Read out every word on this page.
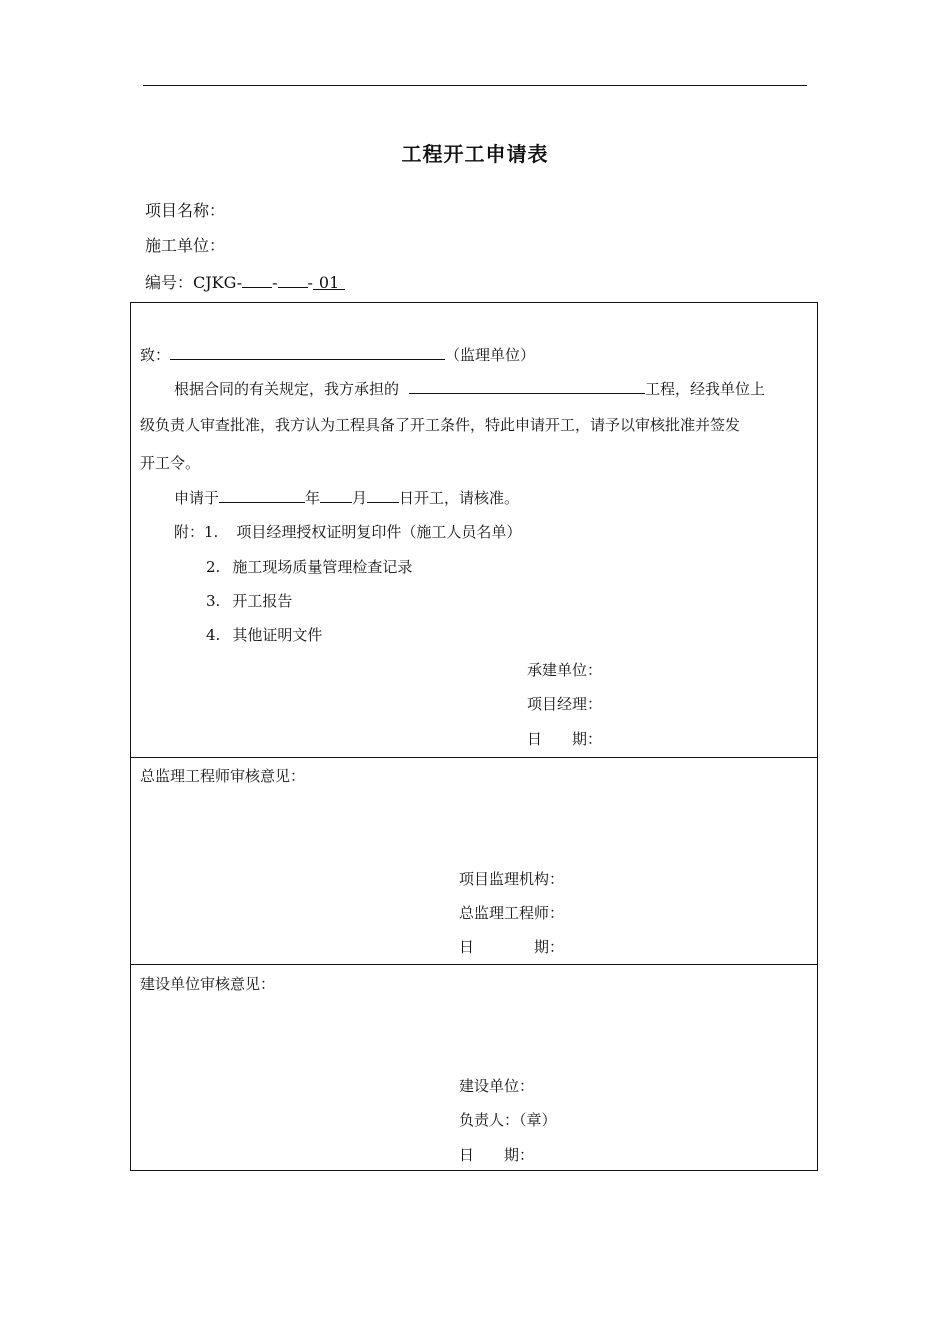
工程开工申请表
项目名称：
施工单位：
编号：CJKG- - - 01
致：	（监理单位）
根据合同的有关规定，我方承担的	工程，经我单位上
级负责人审查批准，我方认为工程具备了开工条件，特此申请开工，请予以审核批准并签发
开工令。
申请于	年 月 日开工，请核准。
附：1. 项目经理授权证明复印件（施工人员名单）
2. 施工现场质量管理检查记录
3. 开工报告
4. 其他证明文件
承建单位：
项目经理：
日　　期：
总监理工程师审核意见：
项目监理机构：
总监理工程师：
日　　　　期：
建设单位审核意见：
建设单位：
负责人：（章）
日　　期：
